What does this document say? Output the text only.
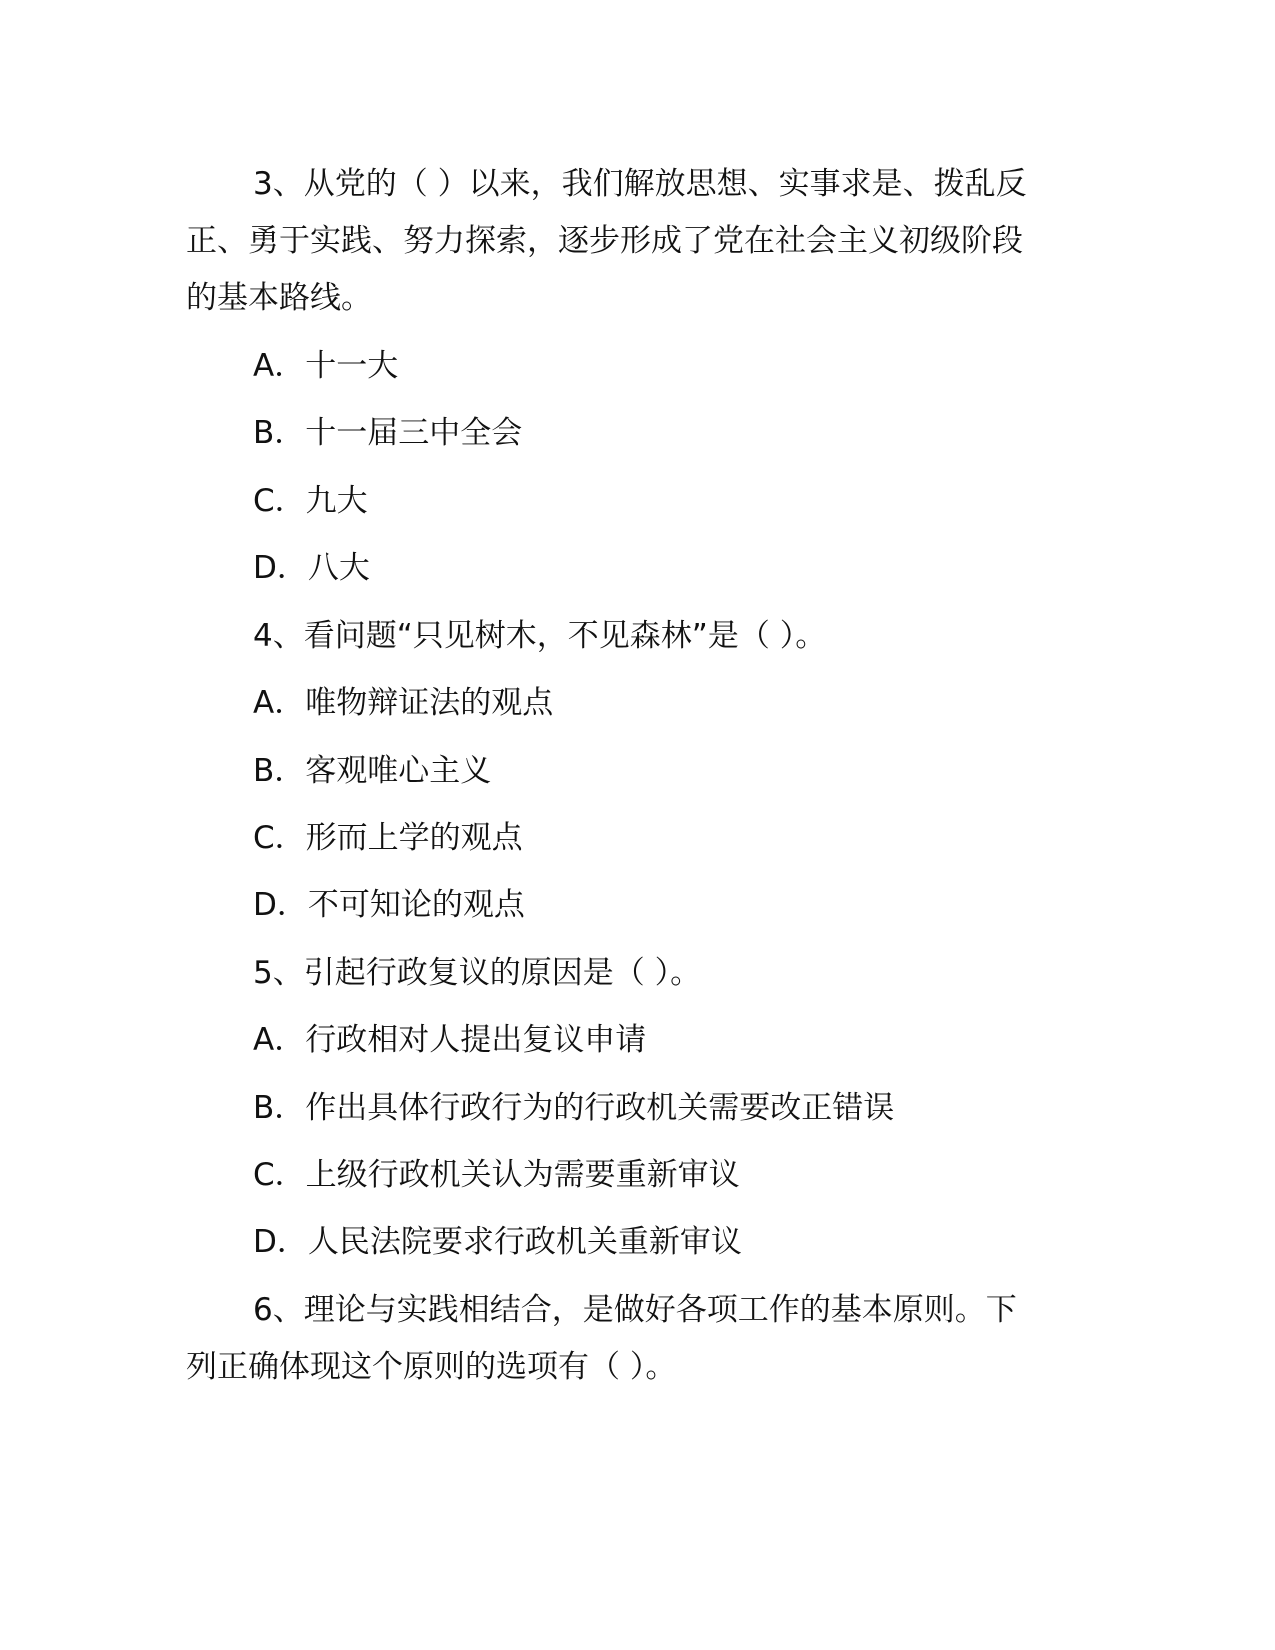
3、从党的（ ）以来，我们解放思想、实事求是、拨乱反
正、勇于实践、努力探索，逐步形成了党在社会主义初级阶段
的基本路线。
A．十一大
B．十一届三中全会
C．九大
D．八大
4、看问题“只见树木，不见森林”是（ ）。
A．唯物辩证法的观点
B．客观唯心主义
C．形而上学的观点
D．不可知论的观点
5、引起行政复议的原因是（ ）。
A．行政相对人提出复议申请
B．作出具体行政行为的行政机关需要改正错误
C．上级行政机关认为需要重新审议
D．人民法院要求行政机关重新审议
6、理论与实践相结合，是做好各项工作的基本原则。下
列正确体现这个原则的选项有（ ）。
